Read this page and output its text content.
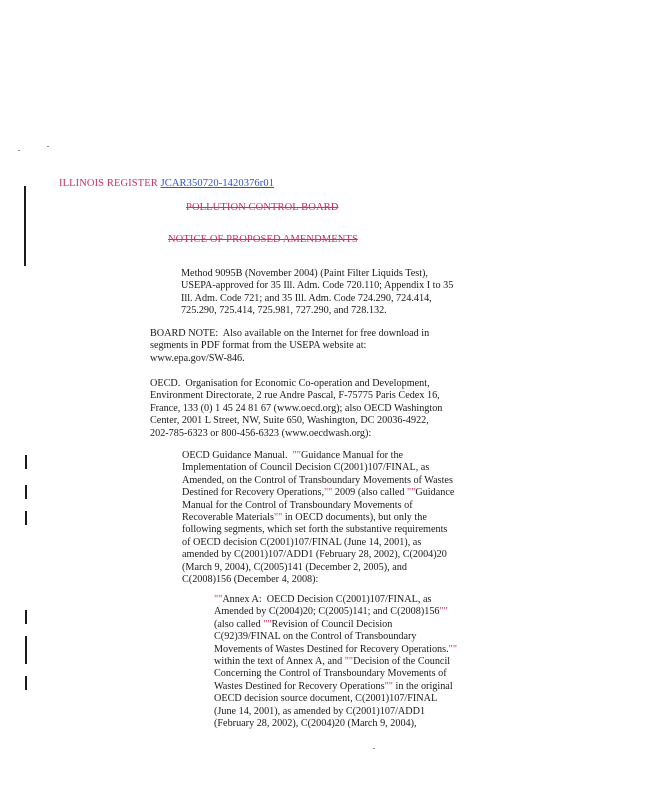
ILLINOIS REGISTER JCAR350720-1420376r01
POLLUTION CONTROL BOARD
NOTICE OF PROPOSED AMENDMENTS
Method 9095B (November 2004) (Paint Filter Liquids Test),
USEPA-approved for 35 Ill. Adm. Code 720.110; Appendix I to 35
Ill. Adm. Code 721; and 35 Ill. Adm. Code 724.290, 724.414,
725.290, 725.414, 725.981, 727.290, and 728.132.
BOARD NOTE:  Also available on the Internet for free download in
segments in PDF format from the USEPA website at:
www.epa.gov/SW-846.
OECD.  Organisation for Economic Co-operation and Development,
Environment Directorate, 2 rue Andre Pascal, F-75775 Paris Cedex 16,
France, 133 (0) 1 45 24 81 67 (www.oecd.org); also OECD Washington
Center, 2001 L Street, NW, Suite 650, Washington, DC 20036-4922,
202-785-6323 or 800-456-6323 (www.oecdwash.org):
OECD Guidance Manual.  ""Guidance Manual for the
Implementation of Council Decision C(2001)107/FINAL, as
Amended, on the Control of Transboundary Movements of Wastes
Destined for Recovery Operations,"" 2009 (also called ""Guidance
Manual for the Control of Transboundary Movements of
Recoverable Materials"" in OECD documents), but only the
following segments, which set forth the substantive requirements
of OECD decision C(2001)107/FINAL (June 14, 2001), as
amended by C(2001)107/ADD1 (February 28, 2002), C(2004)20
(March 9, 2004), C(2005)141 (December 2, 2005), and
C(2008)156 (December 4, 2008):
""Annex A:  OECD Decision C(2001)107/FINAL, as
Amended by C(2004)20; C(2005)141; and C(2008)156""
(also called ""Revision of Council Decision
C(92)39/FINAL on the Control of Transboundary
Movements of Wastes Destined for Recovery Operations.""
within the text of Annex A, and ""Decision of the Council
Concerning the Control of Transboundary Movements of
Wastes Destined for Recovery Operations"" in the original
OECD decision source document, C(2001)107/FINAL
(June 14, 2001), as amended by C(2001)107/ADD1
(February 28, 2002), C(2004)20 (March 9, 2004),
